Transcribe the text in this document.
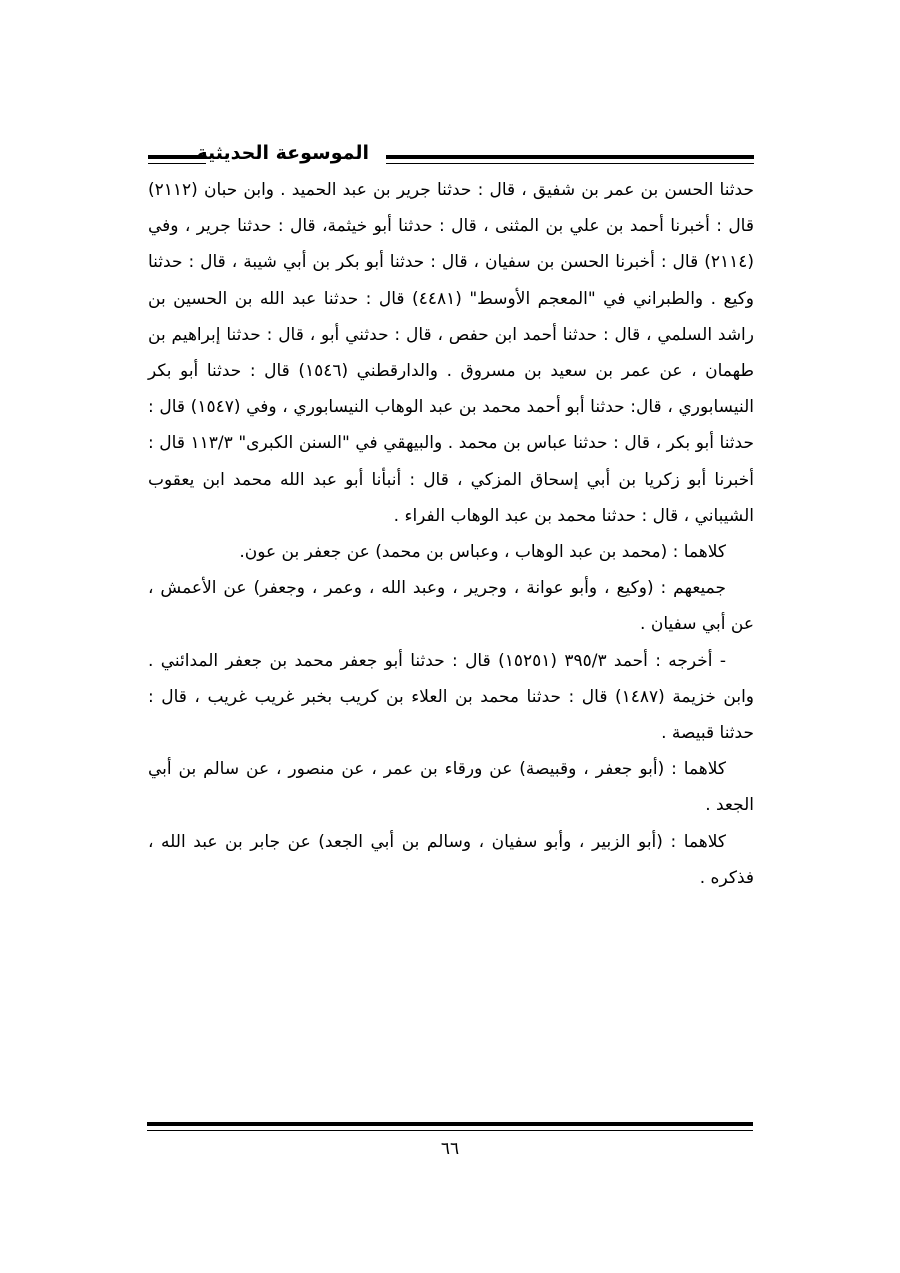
الموسوعة الحديثية

حدثنا الحسن بن عمر بن شفيق ، قال : حدثنا جرير بن عبد الحميد . وابن حبان (٢١١٢) قال : أخبرنا أحمد بن علي بن المثنى ، قال : حدثنا أبو خيثمة، قال : حدثنا جرير ، وفي (٢١١٤) قال : أخبرنا الحسن بن سفيان ، قال : حدثنا أبو بكر بن أبي شيبة ، قال : حدثنا وكيع . والطبراني في "المعجم الأوسط" (٤٤٨١) قال : حدثنا عبد الله بن الحسين بن راشد السلمي ، قال : حدثنا أحمد ابن حفص ، قال : حدثني أبو ، قال : حدثنا إبراهيم بن طهمان ، عن عمر بن سعيد بن مسروق . والدارقطني (١٥٤٦) قال : حدثنا أبو بكر النيسابوري ، قال: حدثنا أبو أحمد محمد بن عبد الوهاب النيسابوري ، وفي (١٥٤٧) قال : حدثنا أبو بكر ، قال : حدثنا عباس بن محمد . والبيهقي في "السنن الكبرى" ١١٣/٣ قال : أخبرنا أبو زكريا بن أبي إسحاق المزكي ، قال : أنبأنا أبو عبد الله محمد ابن يعقوب الشيباني ، قال : حدثنا محمد بن عبد الوهاب الفراء .

كلاهما : (محمد بن عبد الوهاب ، وعباس بن محمد) عن جعفر بن عون.

جميعهم : (وكيع ، وأبو عوانة ، وجرير ، وعبد الله ، وعمر ، وجعفر) عن الأعمش ، عن أبي سفيان .

- أخرجه : أحمد ٣٩٥/٣ (١٥٢٥١) قال : حدثنا أبو جعفر محمد بن جعفر المدائني . وابن خزيمة (١٤٨٧) قال : حدثنا محمد بن العلاء بن كريب بخبر غريب غريب ، قال : حدثنا قبيصة .

كلاهما : (أبو جعفر ، وقبيصة) عن ورقاء بن عمر ، عن منصور ، عن سالم بن أبي الجعد .

كلاهما : (أبو الزبير ، وأبو سفيان ، وسالم بن أبي الجعد) عن جابر بن عبد الله ، فذكره .

٦٦
